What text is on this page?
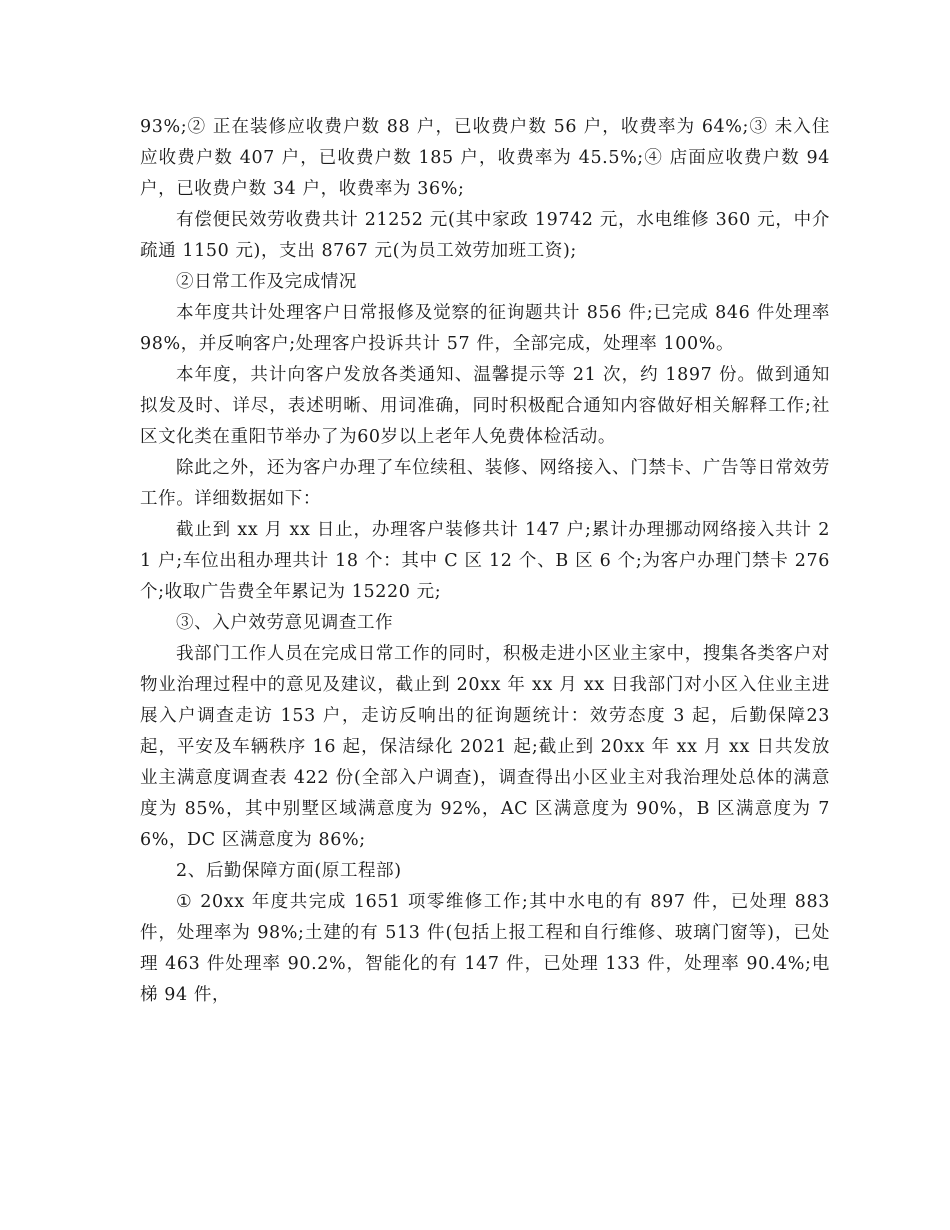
93%;② 正在装修应收费户数 88 户，已收费户数 56 户，收费率为 64%;③ 未入住应收费户数 407 户，已收费户数 185 户，收费率为 45.5%;④ 店面应收费户数 94 户，已收费户数 34 户，收费率为 36%;

有偿便民效劳收费共计 21252 元(其中家政 19742 元，水电维修 360 元，中介疏通 1150 元)，支出 8767 元(为员工效劳加班工资);

②日常工作及完成情况

本年度共计处理客户日常报修及觉察的征询题共计 856 件;已完成 846 件处理率 98%，并反响客户;处理客户投诉共计 57 件，全部完成，处理率 100%。

本年度，共计向客户发放各类通知、温馨提示等 21 次，约 1897 份。做到通知拟发及时、详尽，表述明晰、用词准确，同时积极配合通知内容做好相关解释工作;社区文化类在重阳节举办了为60岁以上老年人免费体检活动。

除此之外，还为客户办理了车位续租、装修、网络接入、门禁卡、广告等日常效劳工作。详细数据如下：

截止到 xx 月 xx 日止，办理客户装修共计 147 户;累计办理挪动网络接入共计 21 户;车位出租办理共计 18 个：其中 C 区 12 个、B 区 6 个;为客户办理门禁卡 276 个;收取广告费全年累记为 15220 元;

③、入户效劳意见调查工作

我部门工作人员在完成日常工作的同时，积极走进小区业主家中，搜集各类客户对物业治理过程中的意见及建议，截止到 20xx 年 xx 月 xx 日我部门对小区入住业主进展入户调查走访 153 户，走访反响出的征询题统计：效劳态度 3 起，后勤保障23起，平安及车辆秩序 16 起，保洁绿化 2021 起;截止到 20xx 年 xx 月 xx 日共发放业主满意度调查表 422 份(全部入户调查)，调查得出小区业主对我治理处总体的满意度为 85%，其中别墅区域满意度为 92%，AC 区满意度为 90%，B 区满意度为 76%，DC 区满意度为 86%;

2、后勤保障方面(原工程部)

① 20xx 年度共完成 1651 项零维修工作;其中水电的有 897 件，已处理 883 件，处理率为 98%;土建的有 513 件(包括上报工程和自行维修、玻璃门窗等)，已处理 463 件处理率 90.2%，智能化的有 147 件，已处理 133 件，处理率 90.4%;电梯 94 件，
